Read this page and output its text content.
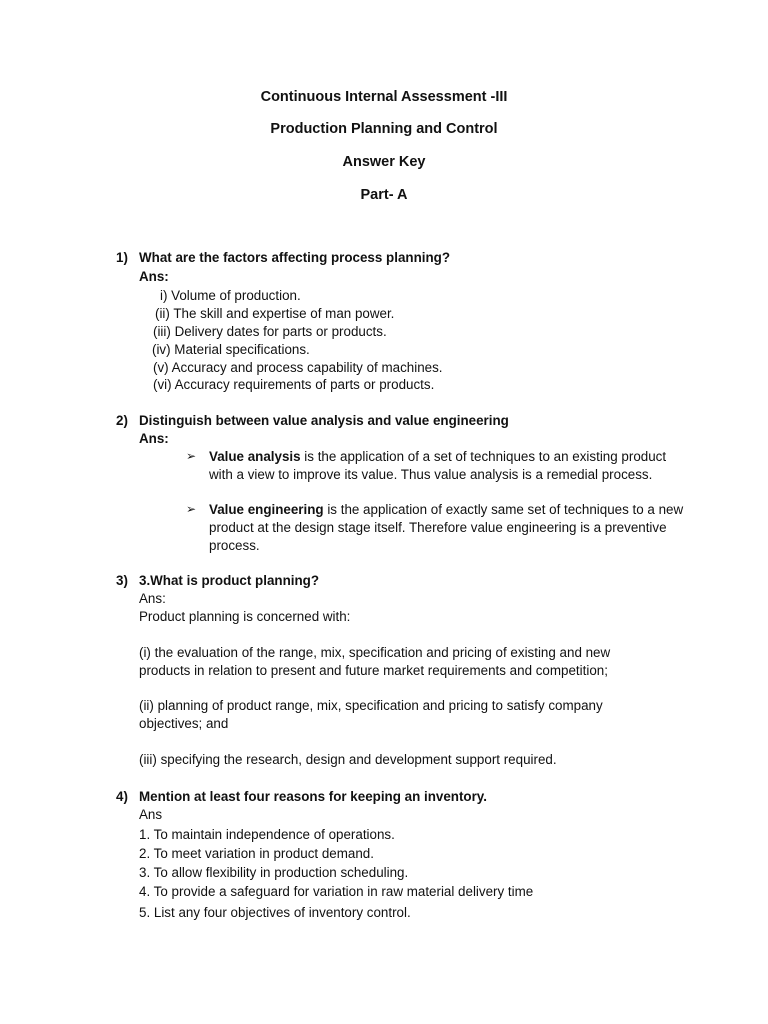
Continuous Internal Assessment -III
Production Planning and Control
Answer Key
Part- A
1) What are the factors affecting process planning?
Ans:
i) Volume of production.
(ii) The skill and expertise of man power.
(iii) Delivery dates for parts or products.
(iv) Material specifications.
(v) Accuracy and process capability of machines.
(vi) Accuracy requirements of parts or products.
2) Distinguish between value analysis and value engineering
Ans:
➢ Value analysis is the application of a set of techniques to an existing product with a view to improve its value. Thus value analysis is a remedial process.
➢ Value engineering is the application of exactly same set of techniques to a new product at the design stage itself. Therefore value engineering is a preventive process.
3) 3.What is product planning?
Ans:
Product planning is concerned with:
(i) the evaluation of the range, mix, specification and pricing of existing and new
products in relation to present and future market requirements and competition;
(ii) planning of product range, mix, specification and pricing to satisfy company
objectives; and
(iii) specifying the research, design and development support required.
4) Mention at least four reasons for keeping an inventory.
Ans
1. To maintain independence of operations.
2. To meet variation in product demand.
3. To allow flexibility in production scheduling.
4. To provide a safeguard for variation in raw material delivery time
5. List any four objectives of inventory control.
